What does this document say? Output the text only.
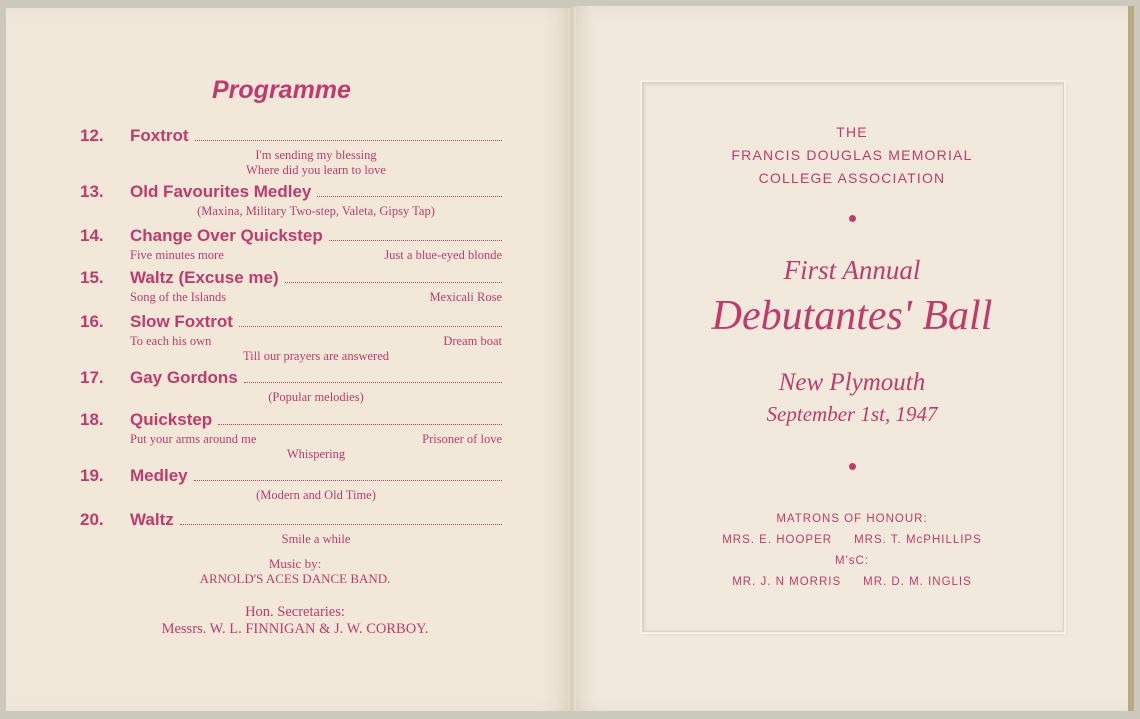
Programme
12.	Foxtrot
I'm sending my blessing
Where did you learn to love
13.	Old Favourites Medley
(Maxina, Military Two-step, Valeta, Gipsy Tap)
14.	Change Over Quickstep
Five minutes more	Just a blue-eyed blonde
15.	Waltz (Excuse me)
Song of the Islands	Mexicali Rose
16.	Slow Foxtrot
To each his own	Dream boat
Till our prayers are answered
17.	Gay Gordons
(Popular melodies)
18.	Quickstep
Put your arms around me	Prisoner of love
Whispering
19.	Medley
(Modern and Old Time)
20.	Waltz
Smile a while
Music by:
ARNOLD'S ACES DANCE BAND.
Hon. Secretaries:
Messrs. W. L. FINNIGAN & J. W. CORBOY.
THE
FRANCIS DOUGLAS MEMORIAL
COLLEGE ASSOCIATION
First Annual
Debutantes' Ball
New Plymouth
September 1st, 1947
MATRONS OF HONOUR:
MRS. E. HOOPER MRS. T. McPHILLIPS
M'sC:
MR. J. N MORRIS MR. D. M. INGLIS
